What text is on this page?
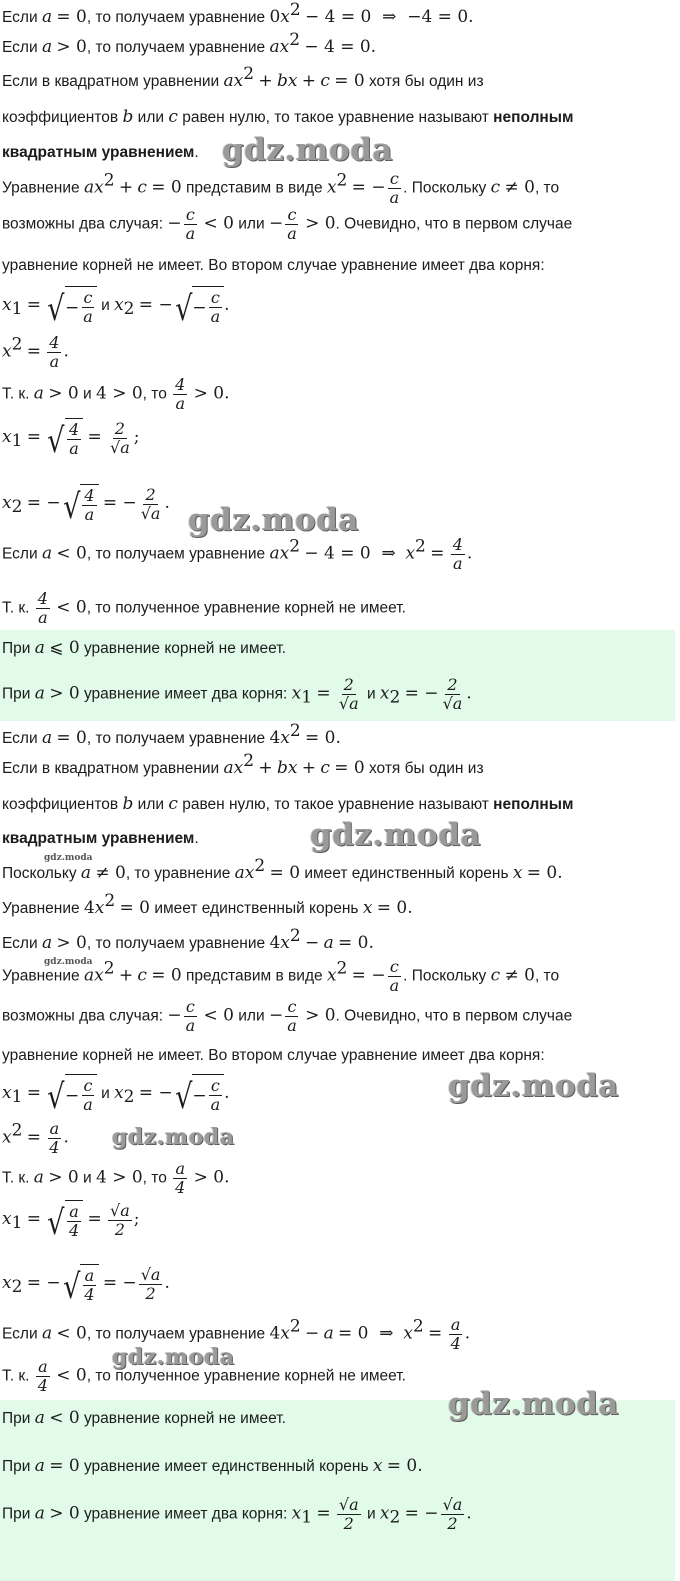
Если a = 0, то получаем уравнение $0x^2 - 4 = 0$  ⇒  −4 = 0.
Если a > 0, то получаем уравнение $ax^2 - 4 = 0$.
Если в квадратном уравнении $ax^2$ + bx + c = 0 хотя бы один из
коэффициентов b или c равен нулю, то такое уравнение называют неполным
квадратным уравнением. gdz.moda
Уравнение $ax^2 + c = 0$ представим в виде $x^2$ = − $\frac{c}{a}$ . Поскольку c ≠ 0, то
возможны два случая: − $\frac{c}{a} < 0$ или − $\frac{c}{a} > 0$. Очевидно, что в первом случае
уравнение корней не имеет. Во втором случае уравнение имеет два корня:
$x_1$ = √ − $\frac{c}{a}$ и $x_2$ = − √ − $\frac{c}{a}$ .
$x^2 = \frac{4}{a}$ .
Т. к. a > 0 и 4 > 0, то $\frac{4}{a} > 0$.
$x_1$ = √ 4
a
= $\frac{2}{√a}$ ;
$x_2$ = − √ 4
a
= − $\frac{2}{√a}$ . gdz.moda
Если a < 0, то получаем уравнение $ax^2 - 4 = 0$  ⇒  $x^2 = \frac{4}{a}$ .
Т. к. $\frac{4}{a} < 0$, то полученное уравнение корней не имеет.
При a ⩽ 0 уравнение корней не имеет.
При a > 0 уравнение имеет два корня: $x_1 = \frac{2}{√a}$ и $x_2$ = − $\frac{2}{√a}$ .
Если a = 0, то получаем уравнение $4x^2 = 0$.
Если в квадратном уравнении $ax^2$ + bx + c = 0 хотя бы один из
коэффициентов b или c равен нулю, то такое уравнение называют неполным
квадратным уравнением.	gdz.moda
gdz.moda
Поскольку a ≠ 0, то уравнение $ax^2 = 0$ имеет единственный корень x = 0.
Уравнение $4x^2 = 0$ имеет единственный корень x = 0.
Если a > 0, то получаем уравнение $4x^2 - a = 0$.
gdz.moda
Уравнение $ax^2 + c = 0$ представим в виде $x^2$ = − $\frac{c}{a}$ . Поскольку c ≠ 0, то
возможны два случая: − $\frac{c}{a} < 0$ или − $\frac{c}{a} > 0$. Очевидно, что в первом случае
уравнение корней не имеет. Во втором случае уравнение имеет два корня:
$x_1$ = √ − $\frac{c}{a}$ и $x_2$ = − √ − $\frac{c}{a}$ .	gdz.moda
$x^2 = \frac{a}{4}$ .	gdz.moda
Т. к. a > 0 и 4 > 0, то $\frac{a}{4} > 0$.
$x_1$ = √ a
4
= $\frac{√a}{2}$ ;
$x_2$ = − √ a
4
= − $\frac{√a}{2}$ .
Если a < 0, то получаем уравнение $4x^2 - a = 0$  ⇒  $x^2 = \frac{a}{4}$ .
gdz.moda
Т. к. $\frac{a}{4} < 0$, то полученное уравнение корней не имеет.
При a < 0 уравнение корней не имеет.	gdz.moda
При a = 0 уравнение имеет единственный корень x = 0.
При a > 0 уравнение имеет два корня: $x_1 = \frac{√a}{2}$ и $x_2$ = − $\frac{√a}{2}$ .
